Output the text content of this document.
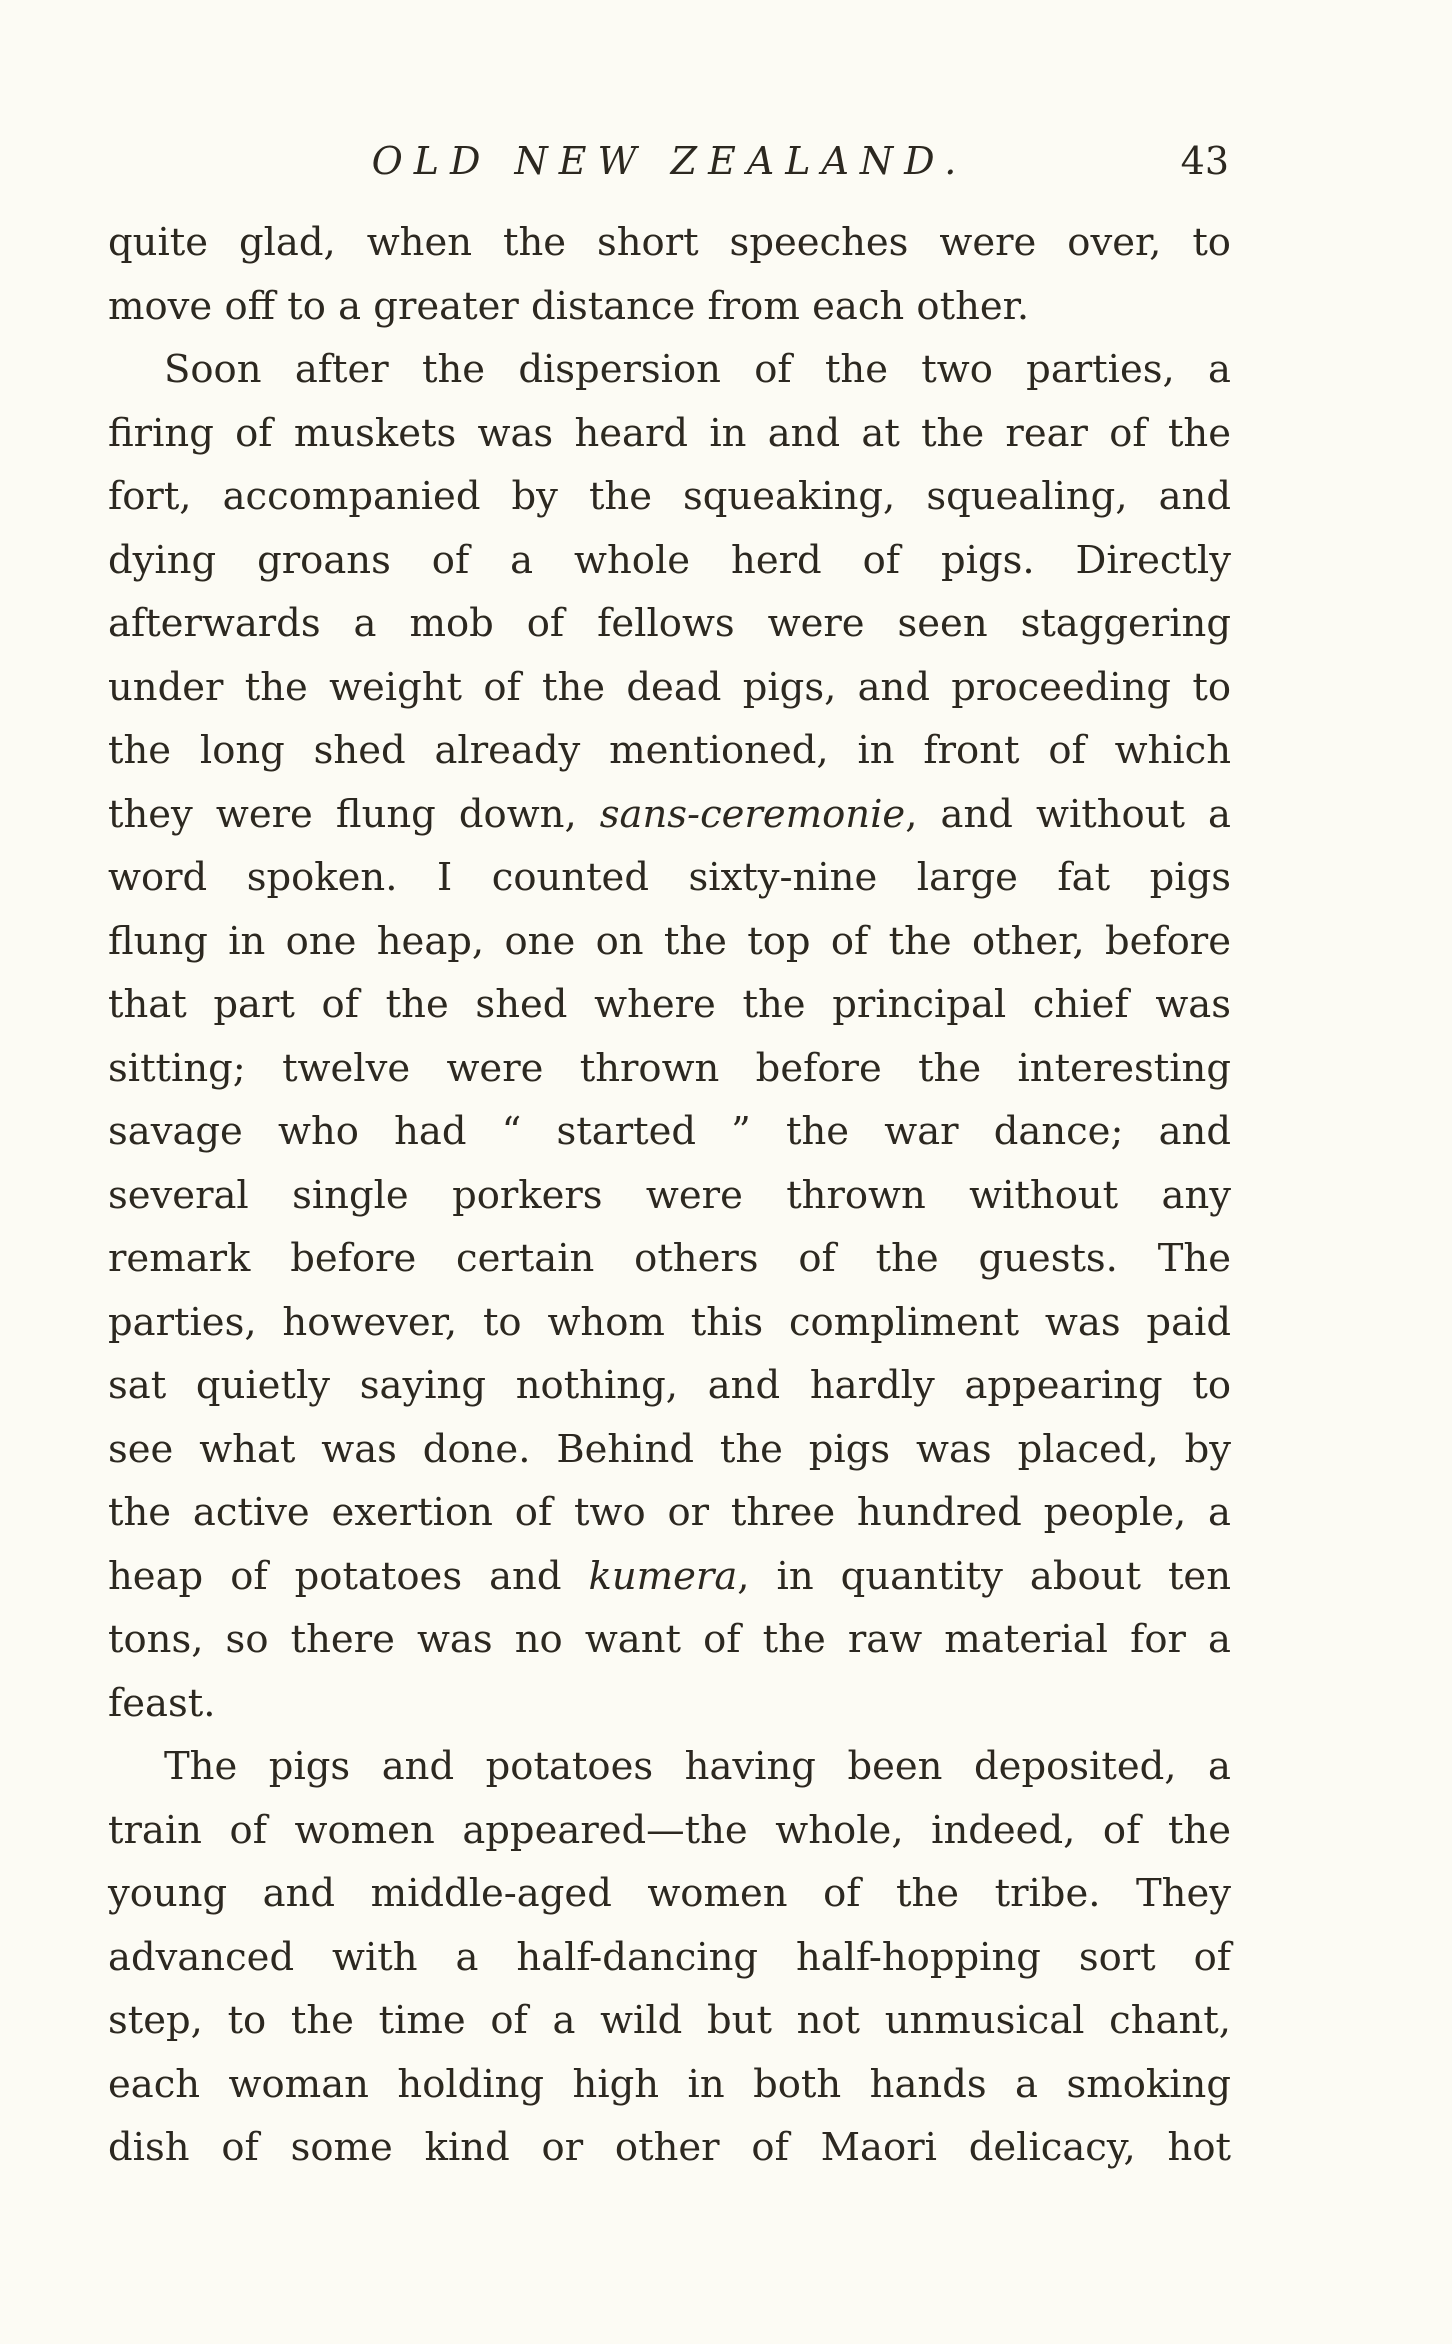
OLD NEW ZEALAND.	43
quite glad, when the short speeches were over, to
move off to a greater distance from each other.
Soon after the dispersion of the two parties, a
firing of muskets was heard in and at the rear of the
fort, accompanied by the squeaking, squealing, and
dying groans of a whole herd of pigs. Directly
afterwards a mob of fellows were seen staggering
under the weight of the dead pigs, and proceeding to
the long shed already mentioned, in front of which
they were flung down, sans-ceremonie, and without a
word spoken. I counted sixty-nine large fat pigs
flung in one heap, one on the top of the other, before
that part of the shed where the principal chief was
sitting; twelve were thrown before the interesting
savage who had “ started ” the war dance; and
several single porkers were thrown without any
remark before certain others of the guests. The
parties, however, to whom this compliment was paid
sat quietly saying nothing, and hardly appearing to
see what was done. Behind the pigs was placed, by
the active exertion of two or three hundred people, a
heap of potatoes and kumera, in quantity about ten
tons, so there was no want of the raw material for a
feast.
The pigs and potatoes having been deposited, a
train of women appeared—the whole, indeed, of the
young and middle-aged women of the tribe. They
advanced with a half-dancing half-hopping sort of
step, to the time of a wild but not unmusical chant,
each woman holding high in both hands a smoking
dish of some kind or other of Maori delicacy, hot
